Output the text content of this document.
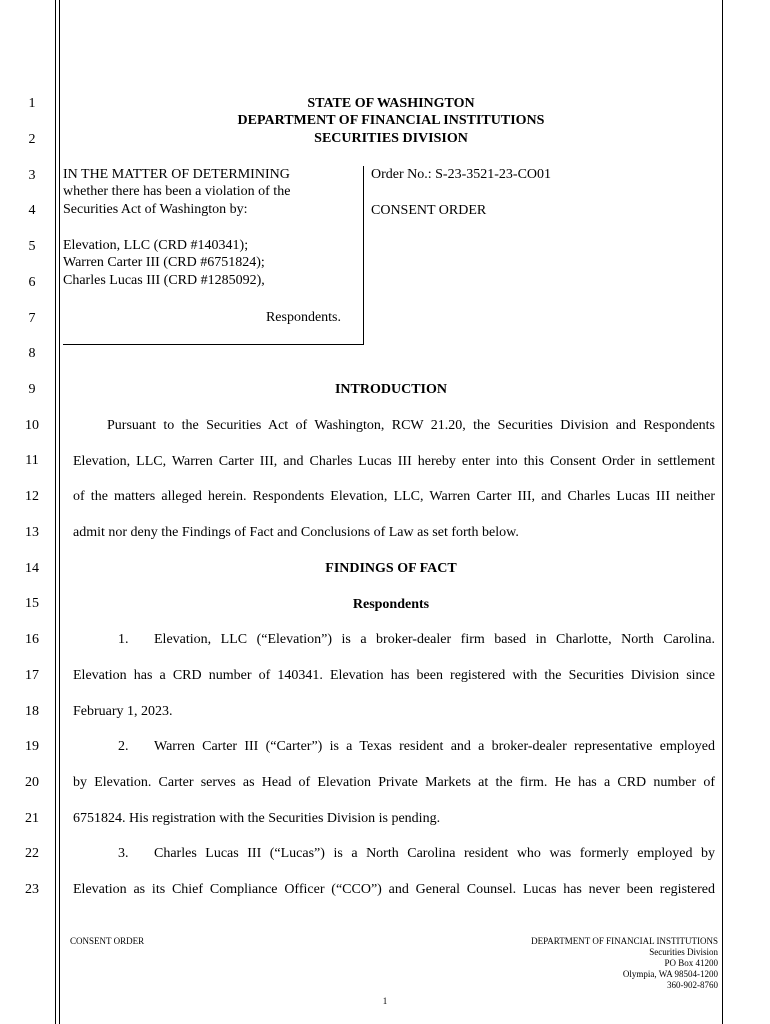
1
2
3
4
5
6
7
8
9
10
11
12
13
14
15
16
17
18
19
20
21
22
23
STATE OF WASHINGTON
DEPARTMENT OF FINANCIAL INSTITUTIONS
SECURITIES DIVISION
IN THE MATTER OF DETERMINING
whether there has been a violation of the
Securities Act of Washington by:
Elevation, LLC (CRD #140341);
Warren Carter III (CRD #6751824);
Charles Lucas III (CRD #1285092),
Respondents.
Order No.: S-23-3521-23-CO01
CONSENT ORDER
INTRODUCTION
Pursuant to the Securities Act of Washington, RCW 21.20, the Securities Division and Respondents
Elevation, LLC, Warren Carter III, and Charles Lucas III hereby enter into this Consent Order in settlement
of the matters alleged herein. Respondents Elevation, LLC, Warren Carter III, and Charles Lucas III neither
admit nor deny the Findings of Fact and Conclusions of Law as set forth below.
FINDINGS OF FACT
Respondents
1. Elevation, LLC (“Elevation”) is a broker-dealer firm based in Charlotte, North Carolina.
Elevation has a CRD number of 140341. Elevation has been registered with the Securities Division since
February 1, 2023.
2. Warren Carter III (“Carter”) is a Texas resident and a broker-dealer representative employed
by Elevation. Carter serves as Head of Elevation Private Markets at the firm. He has a CRD number of
6751824. His registration with the Securities Division is pending.
3. Charles Lucas III (“Lucas”) is a North Carolina resident who was formerly employed by
Elevation as its Chief Compliance Officer (“CCO”) and General Counsel. Lucas has never been registered
CONSENT ORDER	DEPARTMENT OF FINANCIAL INSTITUTIONS
Securities Division
PO Box 41200
Olympia, WA 98504-1200
360-902-8760
1
